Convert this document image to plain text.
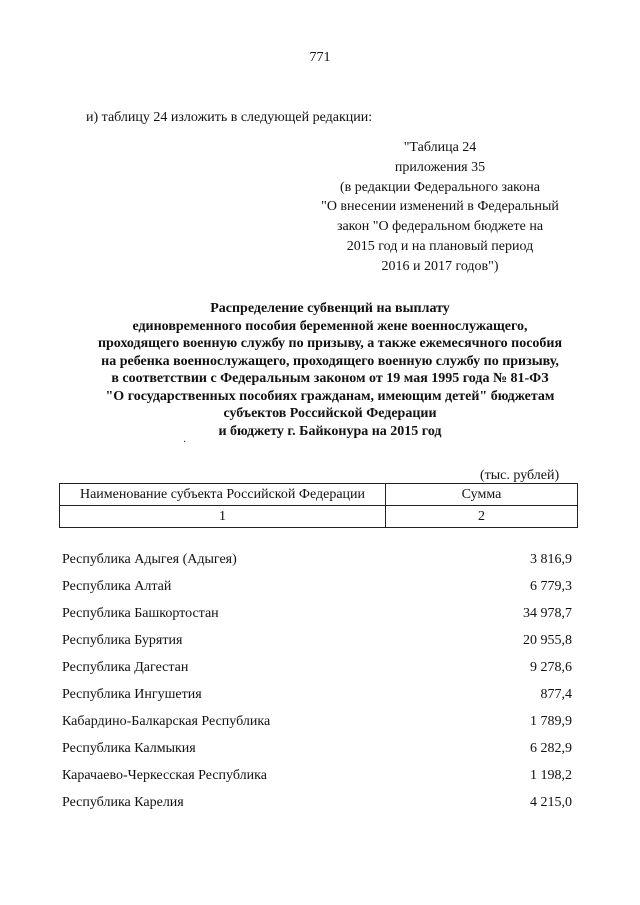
771
и) таблицу 24 изложить в следующей редакции:
"Таблица 24
приложения 35
(в редакции Федерального закона
"О внесении изменений в Федеральный
закон "О федеральном бюджете на
2015 год и на плановый период
2016 и 2017 годов")
Распределение субвенций на выплату
единовременного пособия беременной жене военнослужащего,
проходящего военную службу по призыву, а также ежемесячного пособия
на ребенка военнослужащего, проходящего военную службу по призыву,
в соответствии с Федеральным законом от 19 мая 1995 года № 81-ФЗ
"О государственных пособиях гражданам, имеющим детей" бюджетам
субъектов Российской Федерации
и бюджету г. Байконура на 2015 год
·
(тыс. рублей)
Наименование субъекта Российской Федерации	Сумма
1	2
Республика Адыгея (Адыгея)	3 816,9
Республика Алтай	6 779,3
Республика Башкортостан	34 978,7
Республика Бурятия	20 955,8
Республика Дагестан	9 278,6
Республика Ингушетия	877,4
Кабардино-Балкарская Республика	1 789,9
Республика Калмыкия	6 282,9
Карачаево-Черкесская Республика	1 198,2
Республика Карелия	4 215,0
